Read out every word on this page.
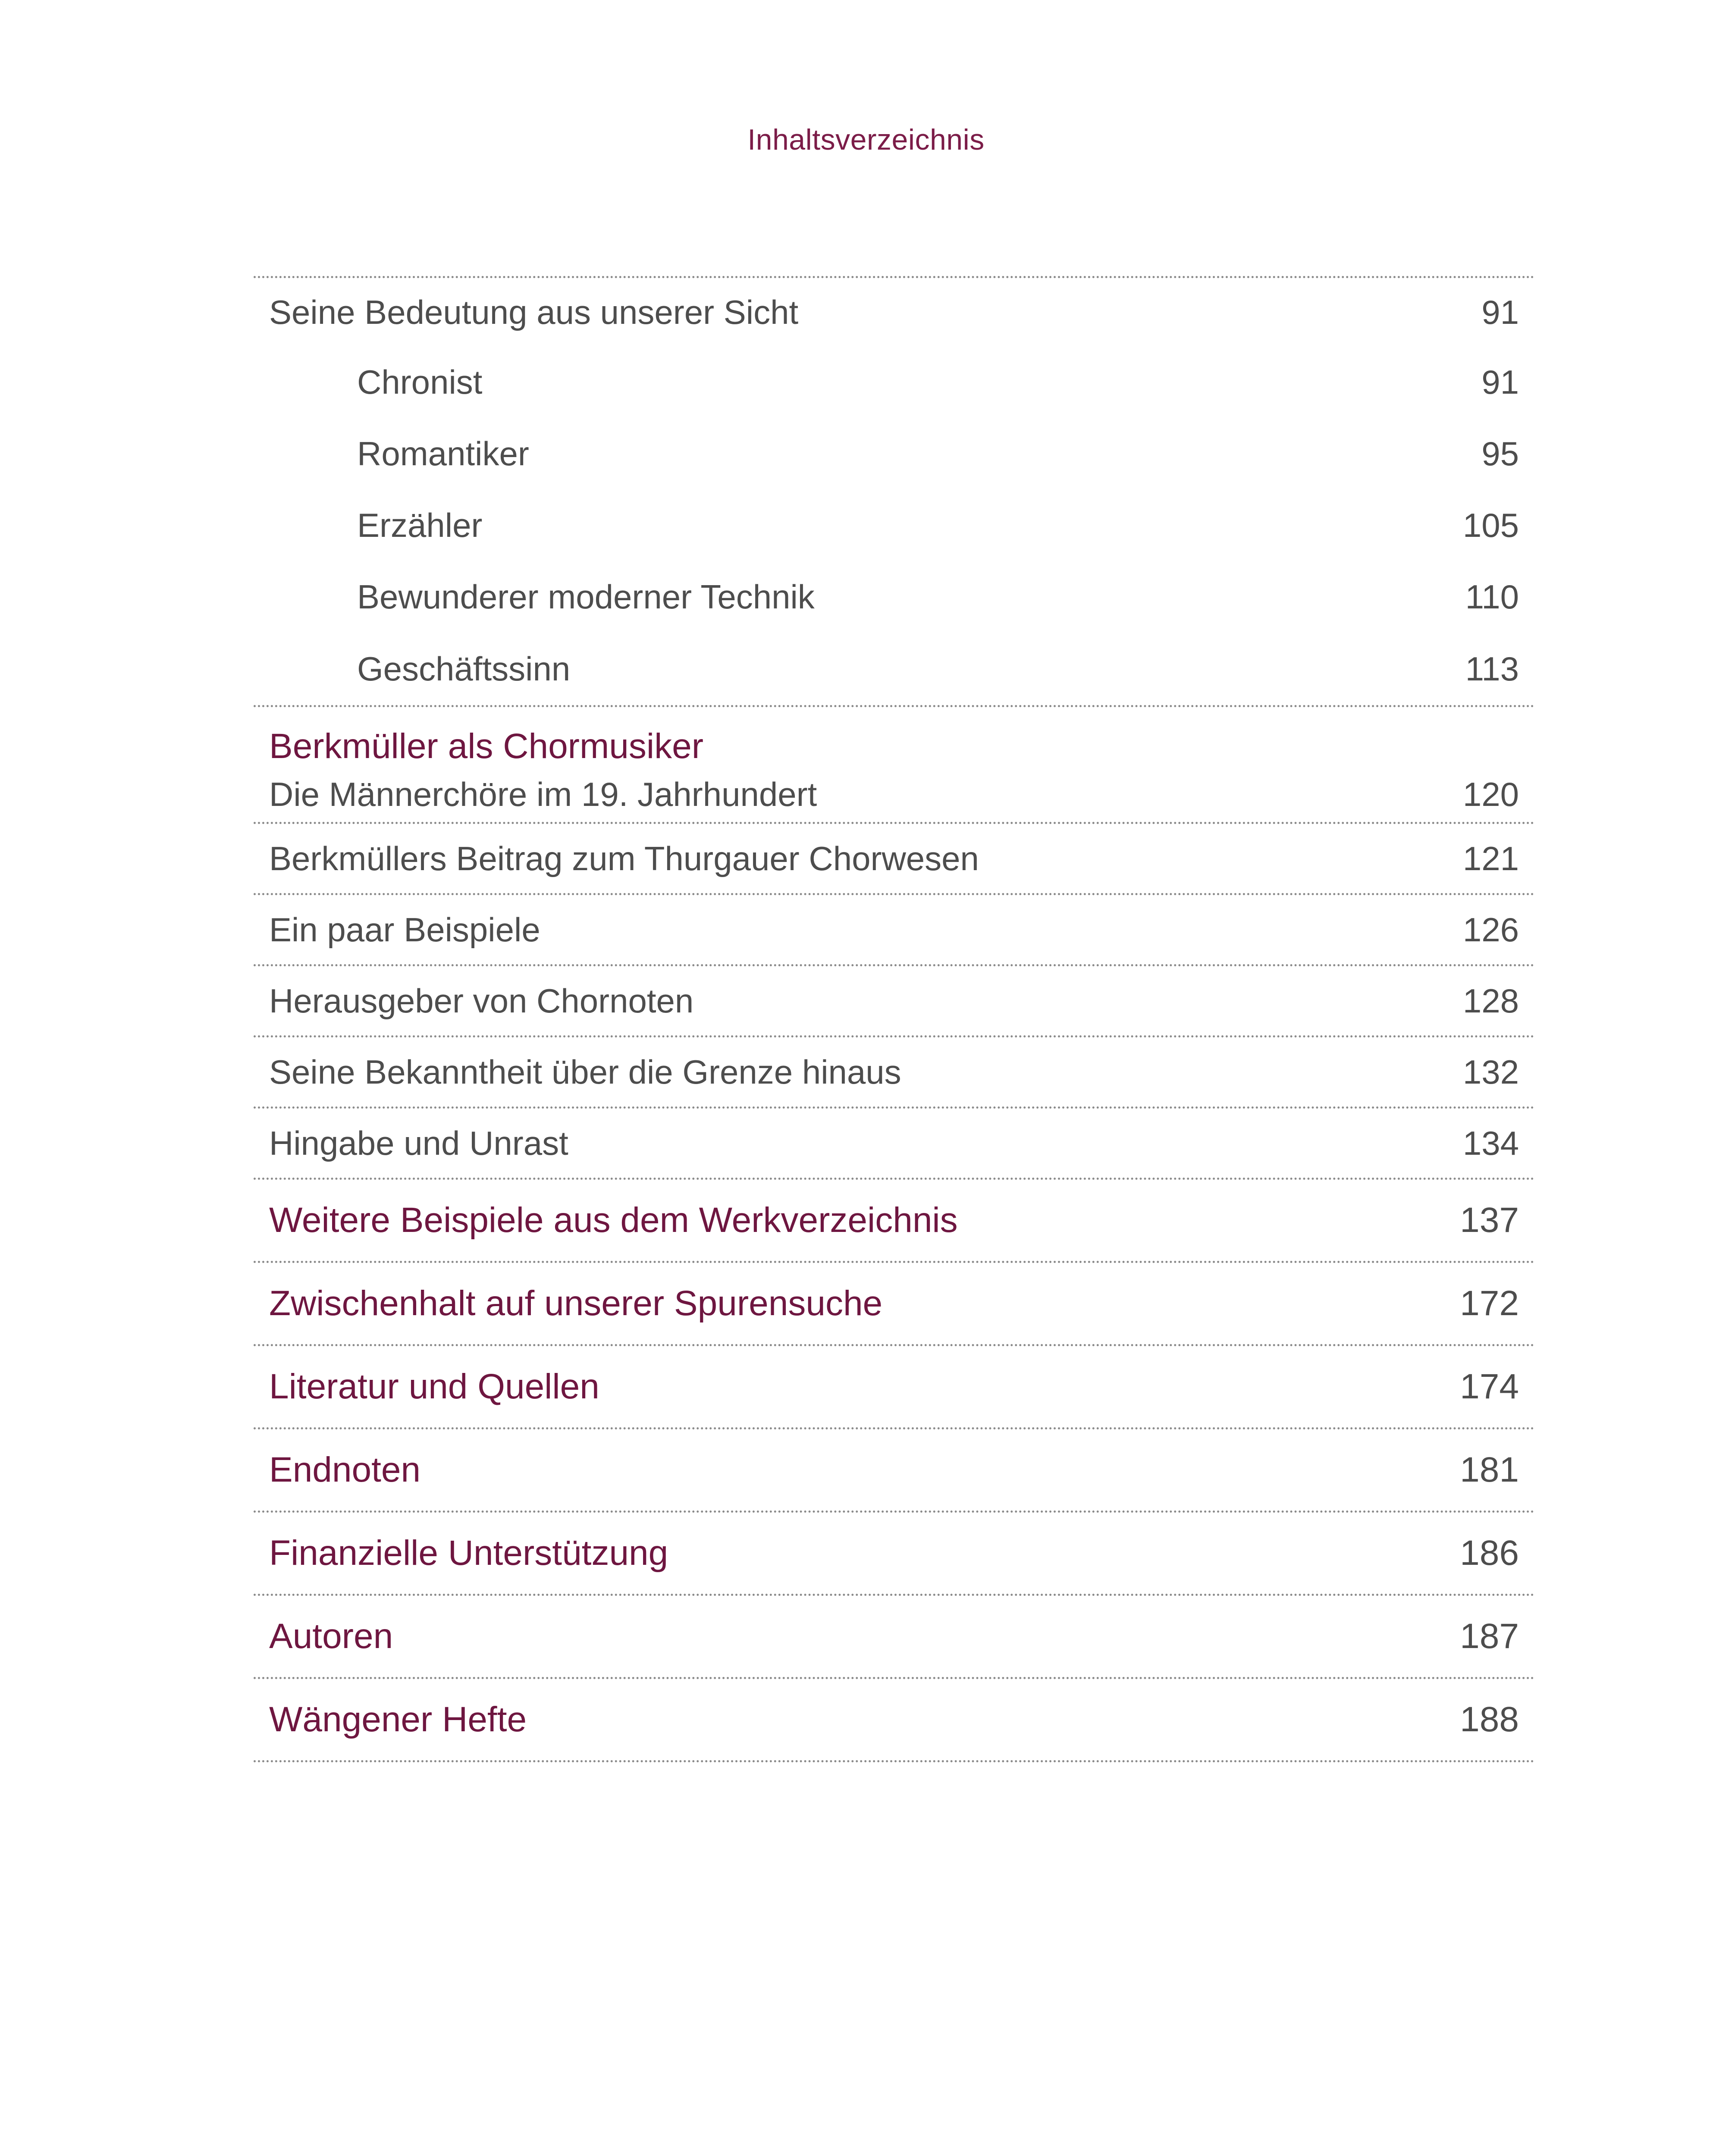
Inhaltsverzeichnis
Seine Bedeutung aus unserer Sicht	91
Chronist	91
Romantiker	95
Erzähler	105
Bewunderer moderner Technik	110
Geschäftssinn	113
Berkmüller als Chormusiker
Die Männerchöre im 19. Jahrhundert	120
Berkmüllers Beitrag zum Thurgauer Chorwesen	121
Ein paar Beispiele	126
Herausgeber von Chornoten	128
Seine Bekanntheit über die Grenze hinaus	132
Hingabe und Unrast	134
Weitere Beispiele aus dem Werkverzeichnis	137
Zwischenhalt auf unserer Spurensuche	172
Literatur und Quellen	174
Endnoten	181
Finanzielle Unterstützung	186
Autoren	187
Wängener Hefte	188
